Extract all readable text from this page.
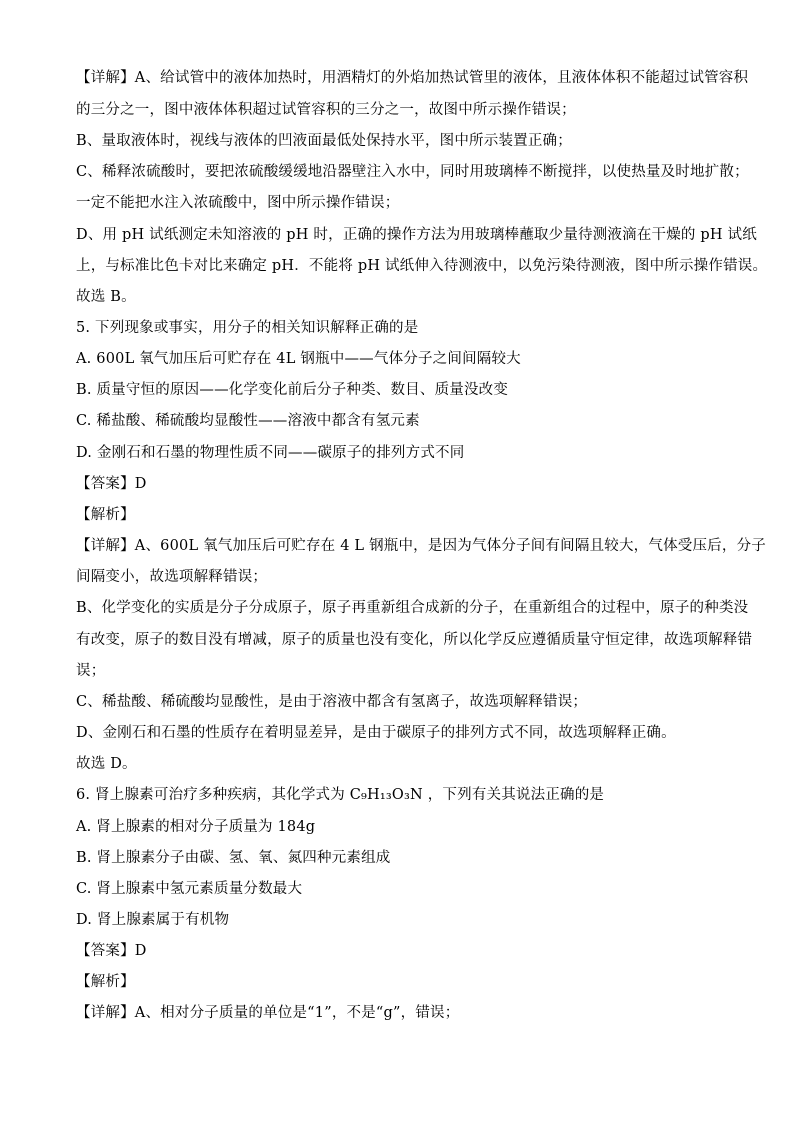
【详解】A、给试管中的液体加热时，用酒精灯的外焰加热试管里的液体，且液体体积不能超过试管容积
的三分之一，图中液体体积超过试管容积的三分之一，故图中所示操作错误；
B、量取液体时，视线与液体的凹液面最低处保持水平，图中所示装置正确；
C、稀释浓硫酸时，要把浓硫酸缓缓地沿器壁注入水中，同时用玻璃棒不断搅拌，以使热量及时地扩散；
一定不能把水注入浓硫酸中，图中所示操作错误；
D、用 pH 试纸测定未知溶液的 pH 时，正确的操作方法为用玻璃棒蘸取少量待测液滴在干燥的 pH 试纸
上，与标准比色卡对比来确定 pH．不能将 pH 试纸伸入待测液中，以免污染待测液，图中所示操作错误。
故选 B。
5. 下列现象或事实，用分子的相关知识解释正确的是
A. 600L 氧气加压后可贮存在 4L 钢瓶中——气体分子之间间隔较大
B. 质量守恒的原因——化学变化前后分子种类、数目、质量没改变
C. 稀盐酸、稀硫酸均显酸性——溶液中都含有氢元素
D. 金刚石和石墨的物理性质不同——碳原子的排列方式不同
【答案】D
【解析】
【详解】A、600L 氧气加压后可贮存在 4 L 钢瓶中，是因为气体分子间有间隔且较大，气体受压后，分子
间隔变小，故选项解释错误；
B、化学变化的实质是分子分成原子，原子再重新组合成新的分子，在重新组合的过程中，原子的种类没
有改变，原子的数目没有增减，原子的质量也没有变化，所以化学反应遵循质量守恒定律，故选项解释错
误；
C、稀盐酸、稀硫酸均显酸性，是由于溶液中都含有氢离子，故选项解释错误；
D、金刚石和石墨的性质存在着明显差异，是由于碳原子的排列方式不同，故选项解释正确。
故选 D。
6. 肾上腺素可治疗多种疾病，其化学式为 C₉H₁₃O₃N ，下列有关其说法正确的是
A. 肾上腺素的相对分子质量为 184g
B. 肾上腺素分子由碳、氢、氧、氮四种元素组成
C. 肾上腺素中氢元素质量分数最大
D. 肾上腺素属于有机物
【答案】D
【解析】
【详解】A、相对分子质量的单位是“1”，不是“g”，错误；
